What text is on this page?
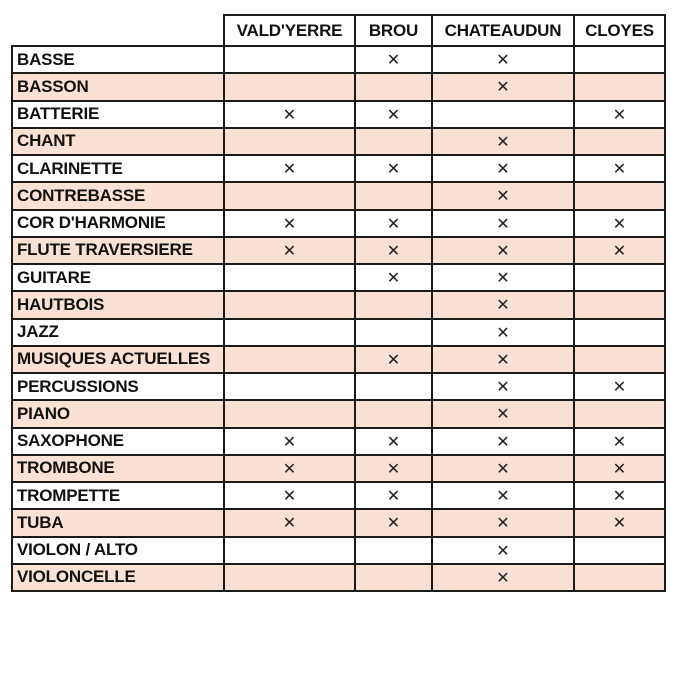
	VALD'YERRE	BROU	CHATEAUDUN	CLOYES
BASSE		✕	✕	
BASSON			✕	
BATTERIE	✕	✕		✕
CHANT			✕	
CLARINETTE	✕	✕	✕	✕
CONTREBASSE			✕	
COR D'HARMONIE	✕	✕	✕	✕
FLUTE TRAVERSIERE	✕	✕	✕	✕
GUITARE		✕	✕	
HAUTBOIS			✕	
JAZZ			✕	
MUSIQUES ACTUELLES		✕	✕	
PERCUSSIONS			✕	✕
PIANO			✕	
SAXOPHONE	✕	✕	✕	✕
TROMBONE	✕	✕	✕	✕
TROMPETTE	✕	✕	✕	✕
TUBA	✕	✕	✕	✕
VIOLON / ALTO			✕	
VIOLONCELLE			✕	
